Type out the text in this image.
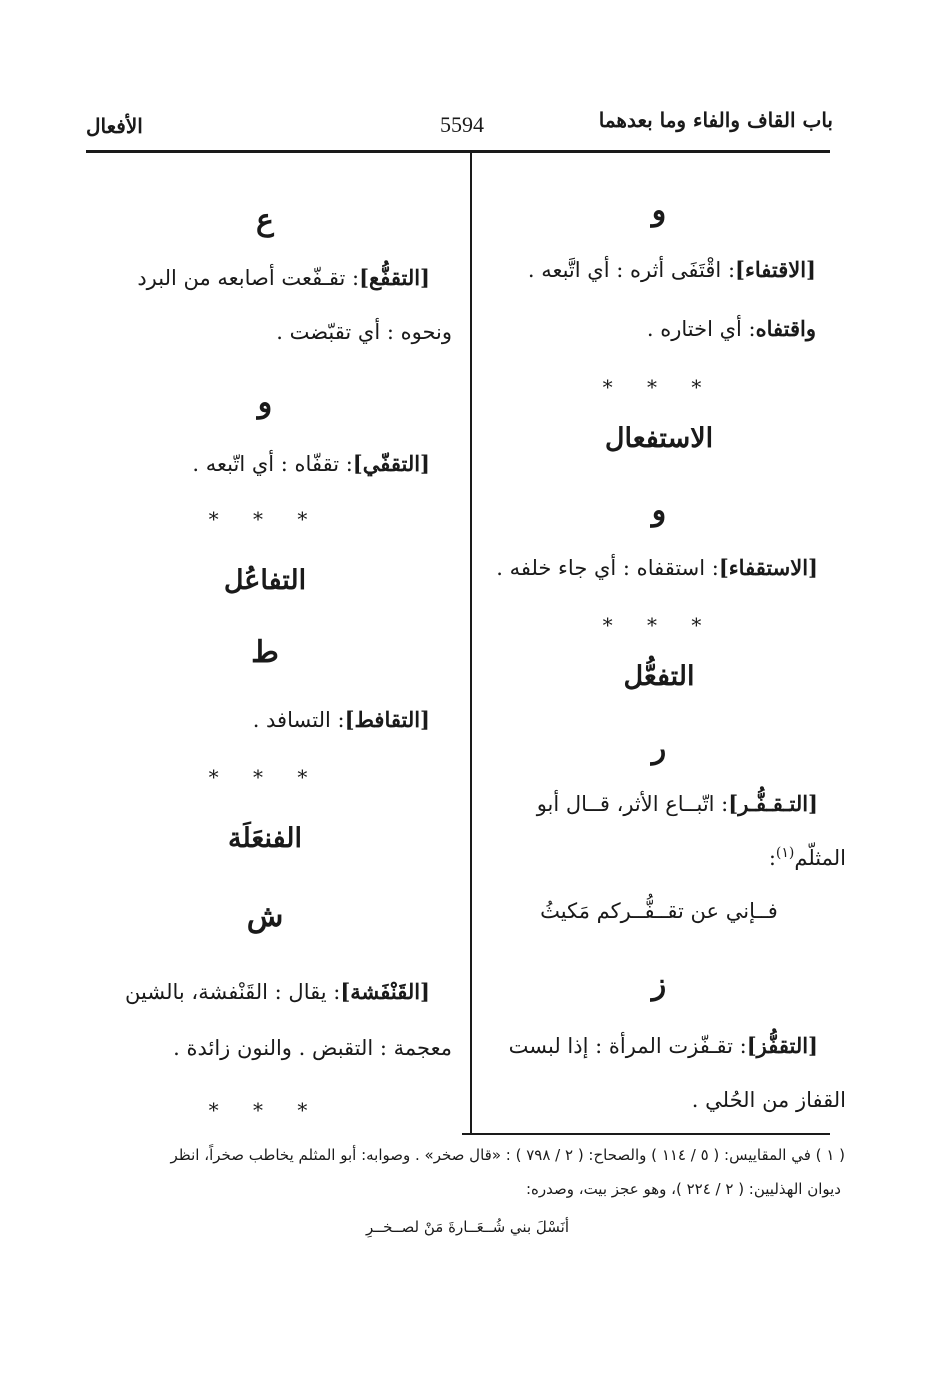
باب القاف والفاء وما بعدهما
5594
الأفعال
و
[الاقتفاء]: اقْتَفَى أثره : أي اتَّبعه .
واقتفاه: أي اختاره .
* * *
الاستفعال
و
[الاستقفاء]: استقفاه : أي جاء خلفه .
* * *
التفعُّل
ر
[التـقـفُّـر]: اتّبــاع الأثر، قــال أبو
المثلّم$^{(١)}$:
فــإني عن تقــفُّــركم مَكيثُ
ز
[التقفُّز]: تقـفّزت المرأة : إذا لبست
القفاز من الحُلي .
ع
[التقفُّع]: تقـفّعت أصابعه من البرد
ونحوه : أي تقبّضت .
و
[التقفّي]: تقفّاه : أي اتّبعه .
* * *
التفاعُل
ط
[التقافط]: التسافد .
* * *
الفنعَلَة
ش
[القَنْفَشة]: يقال : القَنْفشة، بالشين
معجمة : التقبض . والنون زائدة .
* * *
( ١ ) في المقاييس: ( ٥ / ١١٤ ) والصحاح: ( ٢ / ٧٩٨ ) : «قال صخر» . وصوابه: أبو المثلم يخاطب صخراً، انظر
ديوان الهذليين: ( ٢ / ٢٢٤ )، وهو عجز بيت، وصدره:
أنَسْلَ بني شُــعَــارةَ مَنْ لصــخــرِ
